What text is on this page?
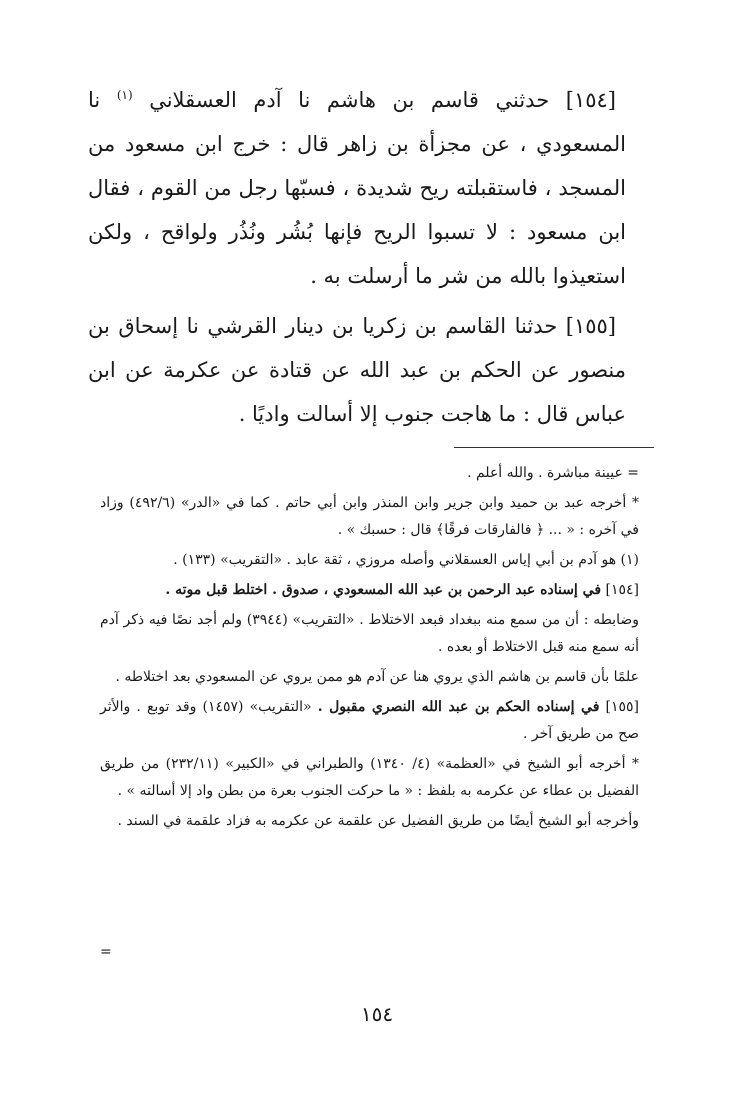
[١٥٤] حدثني قاسم بن هاشم نا آدم العسقلاني $^{(١)}$ نا المسعودي ، عن مجزأة بن زاهر قال : خرج ابن مسعود من المسجد ، فاستقبلته ريح شديدة ، فسبّها رجل من القوم ، فقال ابن مسعود : لا تسبوا الريح فإنها بُشُر ونُذُر ولواقح ، ولكن استعيذوا بالله من شر ما أرسلت به .

[١٥٥] حدثنا القاسم بن زكريا بن دينار القرشي نا إسحاق بن منصور عن الحكم بن عبد الله عن قتادة عن عكرمة عن ابن عباس قال : ما هاجت جنوب إلا أسالت واديًا .

= عيينة مباشرة . والله أعلم .

* أخرجه عبد بن حميد وابن جرير وابن المنذر وابن أبي حاتم . كما في «الدر» (٤٩٢/٦) وزاد في آخره : « ... ﴿ فالفارقات فرقًا﴾ قال : حسبك » .

(١) هو آدم بن أبي إياس العسقلاني وأصله مروزي ، ثقة عابد . «التقريب» (١٣٣) .

[١٥٤] في إسناده عبد الرحمن بن عبد الله المسعودي ، صدوق . اختلط قبل موته .

وضابطه : أن من سمع منه ببغداد فبعد الاختلاط . «التقريب» (٣٩٤٤) ولم أجد نصًا فيه ذكر آدم أنه سمع منه قبل الاختلاط أو بعده .

علمًا بأن قاسم بن هاشم الذي يروي هنا عن آدم هو ممن يروي عن المسعودي بعد اختلاطه .

[١٥٥] في إسناده الحكم بن عبد الله النصري مقبول . «التقريب» (١٤٥٧) وقد توبع . والأثر صح من طريق آخر .

* أخرجه أبو الشيخ في «العظمة» (٤/ ١٣٤٠) والطبراني في «الكبير» (٢٣٢/١١) من طريق الفضيل بن عطاء عن عكرمه به بلفظ : « ما حركت الجنوب بعرة من بطن واد إلا أسالته » .

وأخرجه أبو الشيخ أيضًا من طريق الفضيل عن علقمة عن عكرمه به فزاد علقمة في السند .

=
١٥٤
